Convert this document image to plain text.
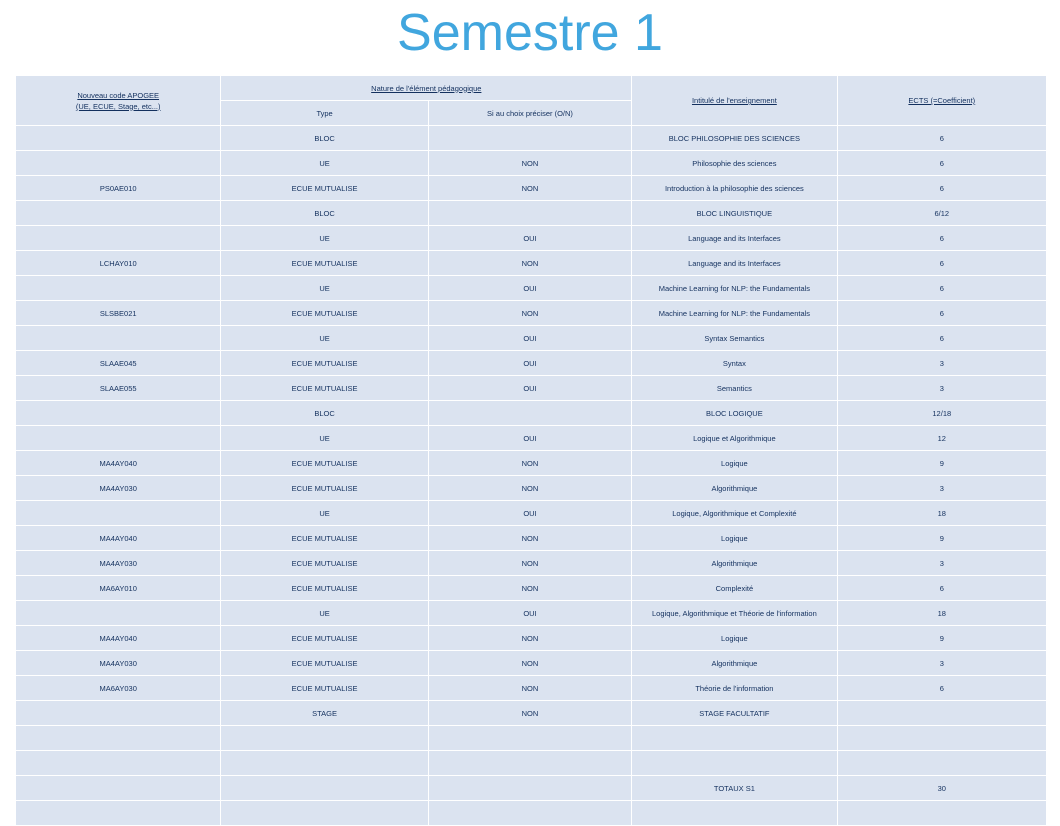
Semestre 1
Nouveau code APOGEE
(UE, ECUE, Stage, etc...)	Nature de l'élément pédagogique		Intitulé de l'enseignement	ECTS (=Coefficient)
	Type	Si au choix préciser (O/N)		
	BLOC		BLOC PHILOSOPHIE DES SCIENCES	6
	UE	NON	Philosophie des sciences	6
PS0AE010	ECUE MUTUALISE	NON	Introduction à la philosophie des sciences	6
	BLOC		BLOC LINGUISTIQUE	6/12
	UE	OUI	Language and its Interfaces	6
LCHAY010	ECUE MUTUALISE	NON	Language and its Interfaces	6
	UE	OUI	Machine Learning for NLP: the Fundamentals	6
SLSBE021	ECUE MUTUALISE	NON	Machine Learning for NLP: the Fundamentals	6
	UE	OUI	Syntax Semantics	6
SLAAE045	ECUE MUTUALISE	OUI	Syntax	3
SLAAE055	ECUE MUTUALISE	OUI	Semantics	3
	BLOC		BLOC LOGIQUE	12/18
	UE	OUI	Logique et Algorithmique	12
MA4AY040	ECUE MUTUALISE	NON	Logique	9
MA4AY030	ECUE MUTUALISE	NON	Algorithmique	3
	UE	OUI	Logique, Algorithmique et Complexité	18
MA4AY040	ECUE MUTUALISE	NON	Logique	9
MA4AY030	ECUE MUTUALISE	NON	Algorithmique	3
MA6AY010	ECUE MUTUALISE	NON	Complexité	6
	UE	OUI	Logique, Algorithmique et Théorie de l'information	18
MA4AY040	ECUE MUTUALISE	NON	Logique	9
MA4AY030	ECUE MUTUALISE	NON	Algorithmique	3
MA6AY030	ECUE MUTUALISE	NON	Théorie de l'information	6
	STAGE	NON	STAGE FACULTATIF	

			TOTAUX S1	30
